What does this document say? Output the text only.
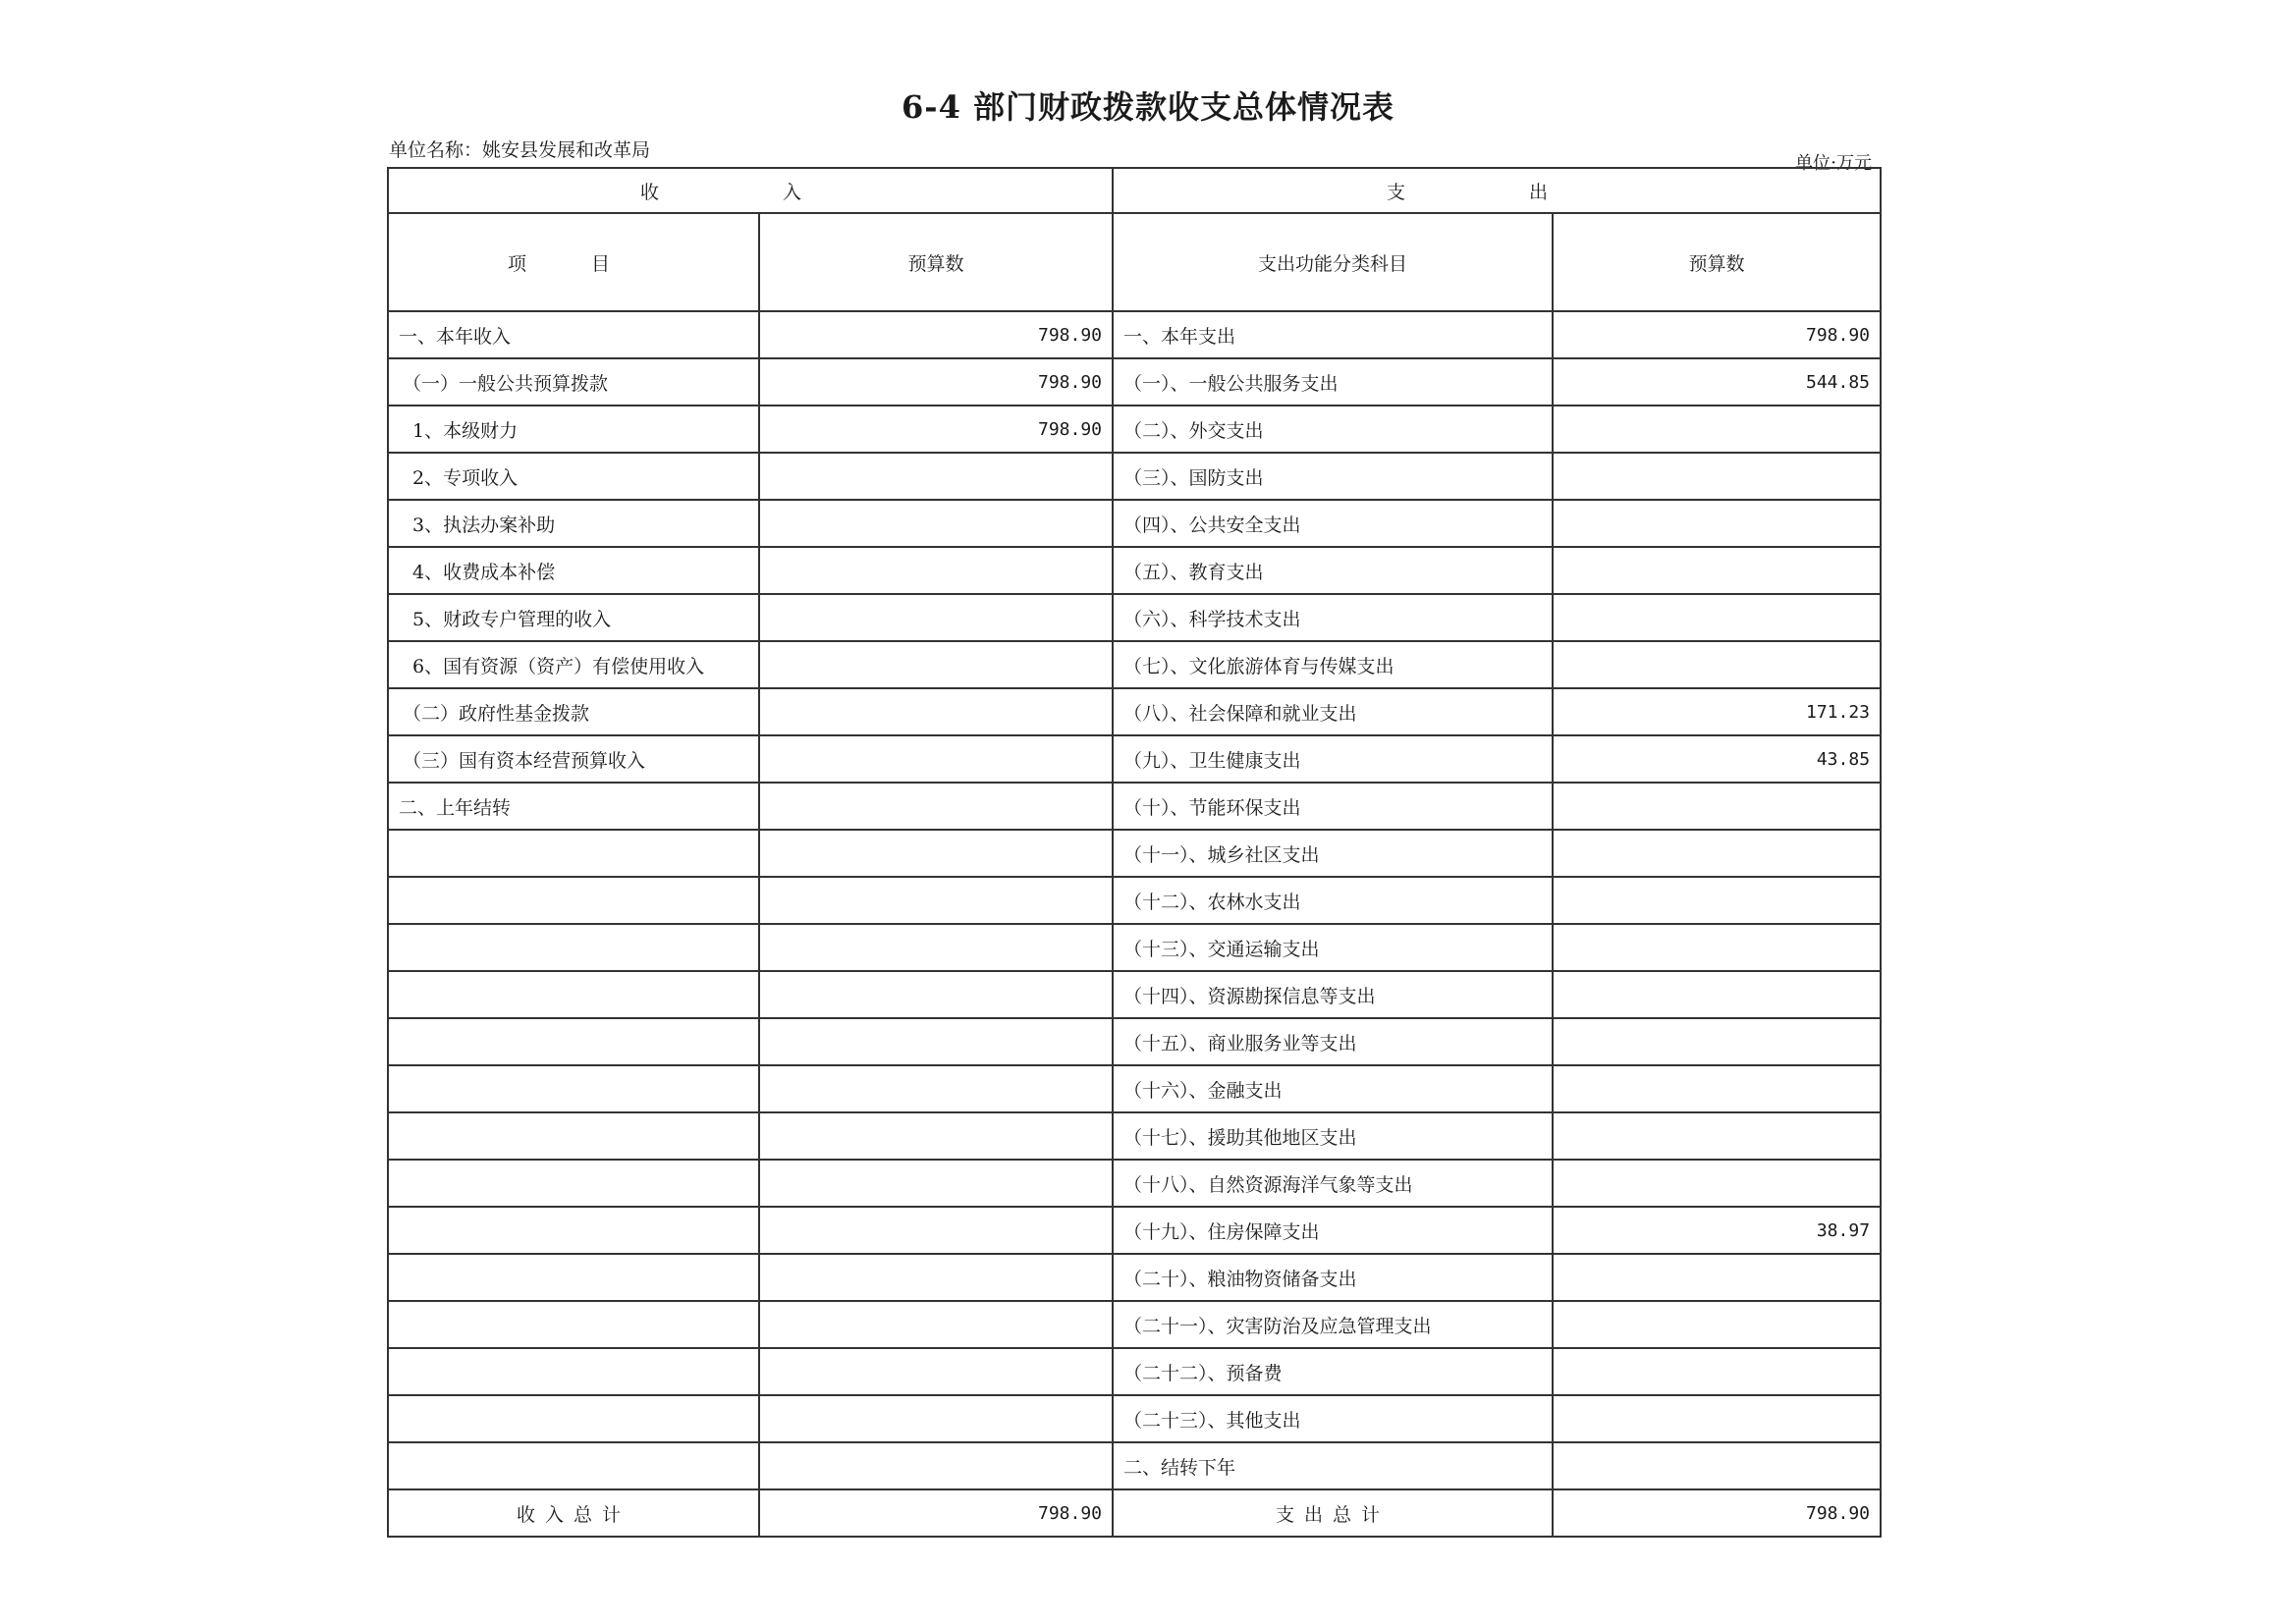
6-4 部门财政拨款收支总体情况表
单位名称：姚安县发展和改革局
单位:万元
收 入		支 出	
项 目	预算数	支出功能分类科目	预算数
一、本年收入	798.90	一、本年支出	798.90
（一）一般公共预算拨款	798.90	（一）、一般公共服务支出	544.85
1、本级财力	798.90	（二）、外交支出	
2、专项收入		（三）、国防支出	
3、执法办案补助		（四）、公共安全支出	
4、收费成本补偿		（五）、教育支出	
5、财政专户管理的收入		（六）、科学技术支出	
6、国有资源（资产）有偿使用收入		（七）、文化旅游体育与传媒支出	
（二）政府性基金拨款		（八）、社会保障和就业支出	171.23
（三）国有资本经营预算收入		（九）、卫生健康支出	43.85
二、上年结转		（十）、节能环保支出	
		（十一）、城乡社区支出	
		（十二）、农林水支出	
		（十三）、交通运输支出	
		（十四）、资源勘探信息等支出	
		（十五）、商业服务业等支出	
		（十六）、金融支出	
		（十七）、援助其他地区支出	
		（十八）、自然资源海洋气象等支出	
		（十九）、住房保障支出	38.97
		（二十）、粮油物资储备支出	
		（二十一）、灾害防治及应急管理支出	
		（二十二）、预备费	
		（二十三）、其他支出	
		二、结转下年	
收入总计	798.90	支出总计	798.90
